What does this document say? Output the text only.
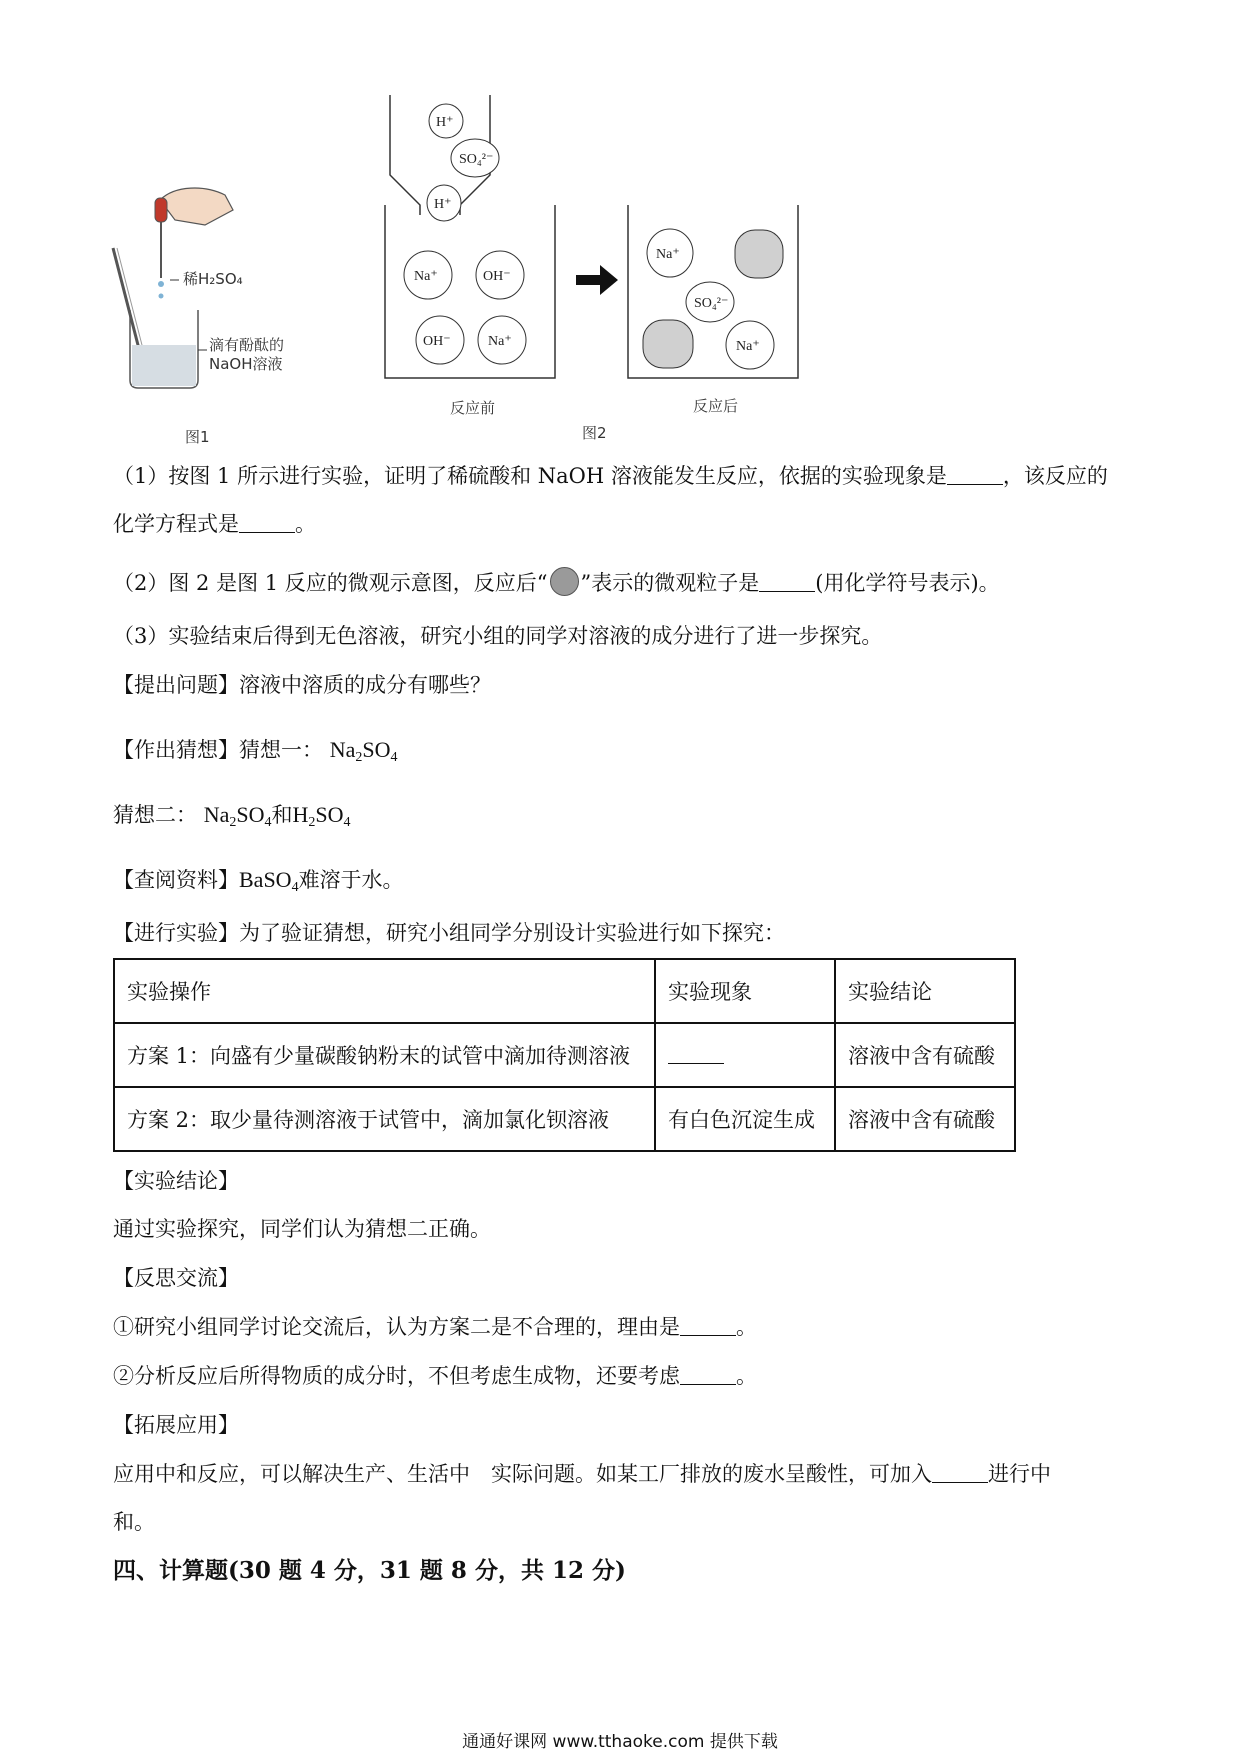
稀H₂SO₄
滴有酚酞的
NaOH溶液
图1
H⁺
SO₄²⁻
H⁺
Na⁺	OH⁻
OH⁻	Na⁺
Na⁺
SO₄²⁻
Na⁺
反应前	反应后
图2
（1）按图 1 所示进行实验，证明了稀硫酸和 NaOH 溶液能发生反应，依据的实验现象是	，该反应的
化学方程式是	。
（2）图 2 是图 1 反应的微观示意图，反应后“ ”表示的微观粒子是	(用化学符号表示)。
（3）实验结束后得到无色溶液，研究小组的同学对溶液的成分进行了进一步探究。
【提出问题】溶液中溶质的成分有哪些？
【作出猜想】猜想一： $Na_2SO_4$
猜想二： $Na_2SO_4$和$H_2SO_4$
【查阅资料】BaSO$_4$难溶于水。
【进行实验】为了验证猜想，研究小组同学分别设计实验进行如下探究：
实验操作	实验现象	实验结论
方案 1：向盛有少量碳酸钠粉末的试管中滴加待测溶液		溶液中含有硫酸
方案 2：取少量待测溶液于试管中，滴加氯化钡溶液	有白色沉淀生成	溶液中含有硫酸
【实验结论】
通过实验探究，同学们认为猜想二正确。
【反思交流】
①研究小组同学讨论交流后，认为方案二是不合理的，理由是	。
②分析反应后所得物质的成分时，不但考虑生成物，还要考虑	。
【拓展应用】
应用中和反应，可以解决生产、生活中　实际问题。如某工厂排放的废水呈酸性，可加入	进行中
和。
四、计算题(30 题 4 分，31 题 8 分，共 12 分)
通通好课网 www.tthaoke.com 提供下载
